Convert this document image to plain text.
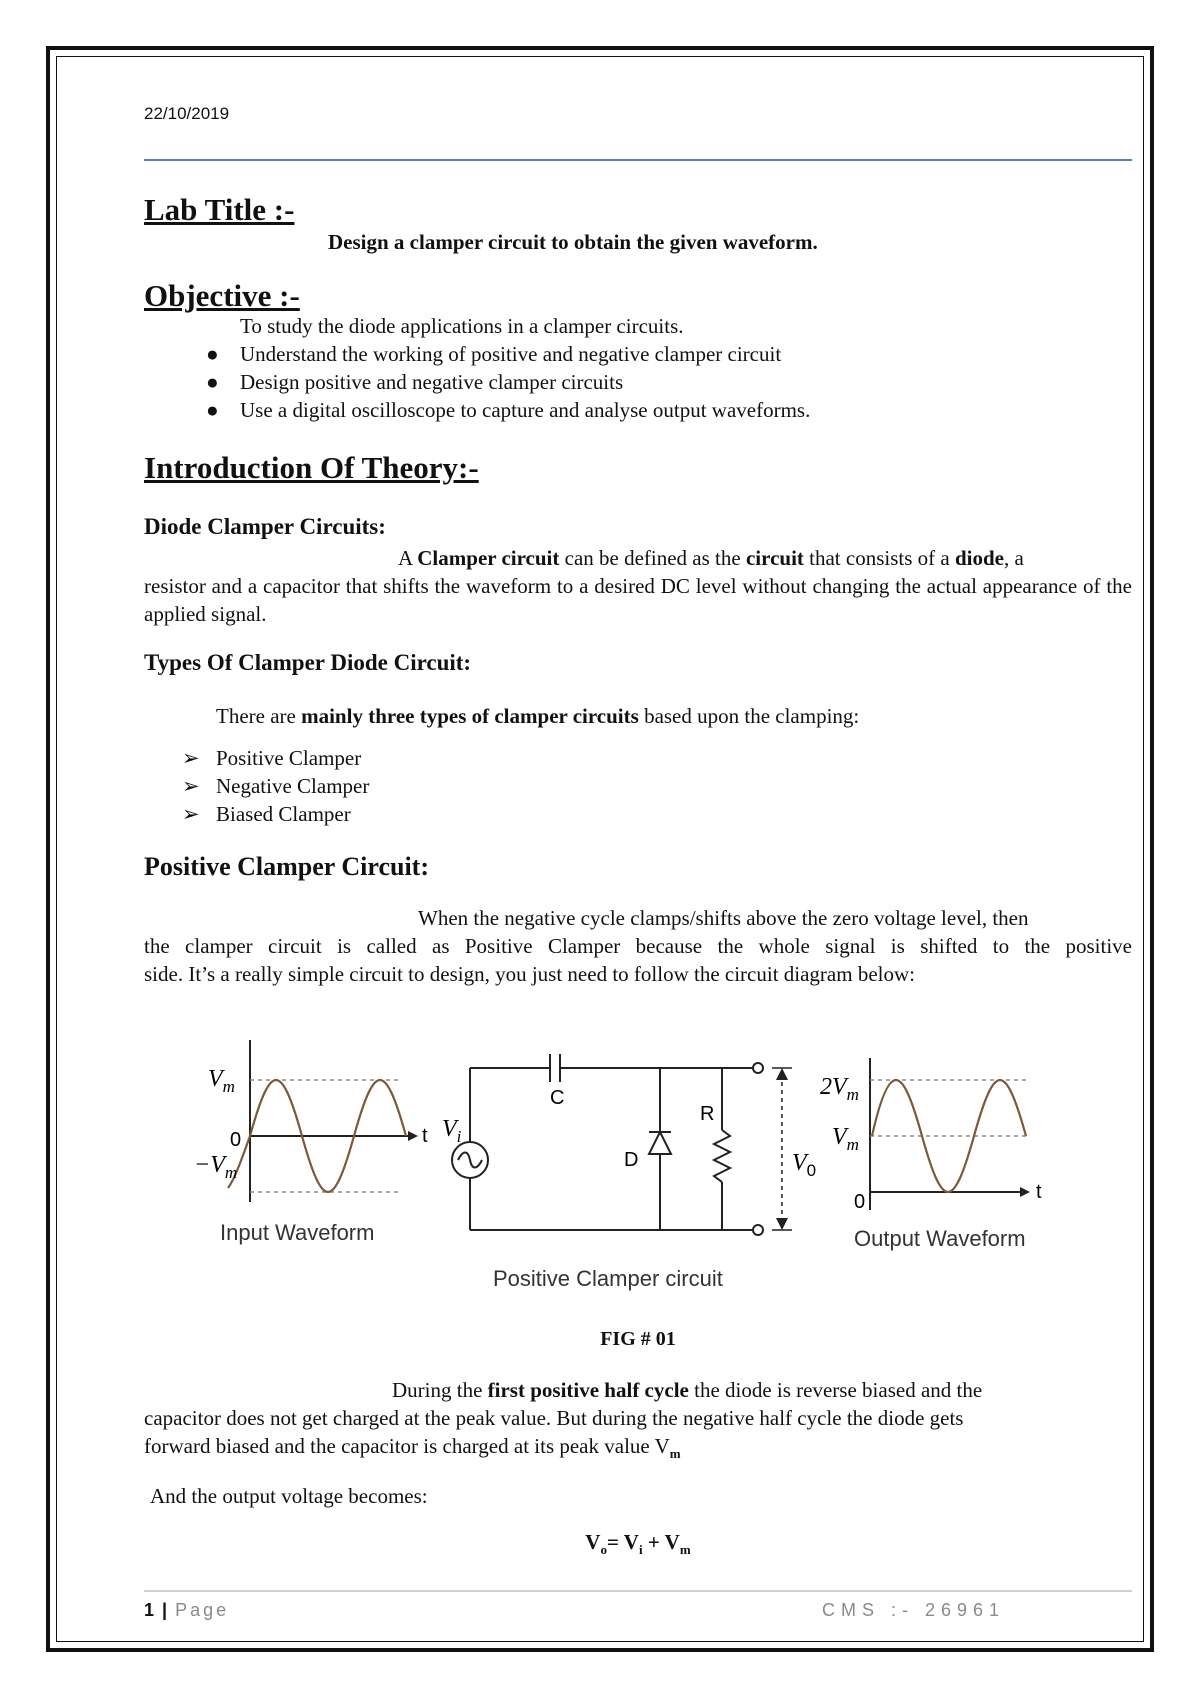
22/10/2019
Lab Title :-
Design a clamper circuit to obtain the given waveform.
Objective :-
To study the diode applications in a clamper circuits.
● Understand the working of positive and negative clamper circuit
● Design positive and negative clamper circuits
● Use a digital oscilloscope to capture and analyse output waveforms.
Introduction Of Theory:-
Diode Clamper Circuits:
A Clamper circuit can be defined as the circuit that consists of a diode, a
resistor and a capacitor that shifts the waveform to a desired DC level without changing the actual appearance of the applied signal.
Types Of Clamper Diode Circuit:
There are mainly three types of clamper circuits based upon the clamping:
➢ Positive Clamper
➢ Negative Clamper
➢ Biased Clamper
Positive Clamper Circuit:
When the negative cycle clamps/shifts above the zero voltage level, then
the clamper circuit is called as Positive Clamper because the whole signal is shifted to the positive
side. It’s a really simple circuit to design, you just need to follow the circuit diagram below:
$V_m$
0	t
$-V_m$
Input Waveform
C
D
R
$V_i$
$V_0$
Positive Clamper circuit
$2V_m$
$V_m$
0	t
Output Waveform
FIG # 01
During the first positive half cycle the diode is reverse biased and the
capacitor does not get charged at the peak value. But during the negative half cycle the diode gets
forward biased and the capacitor is charged at its peak value $V_m$
And the output voltage becomes:
$V_o= V_i + V_m$
1 | Page	CMS :- 26961
